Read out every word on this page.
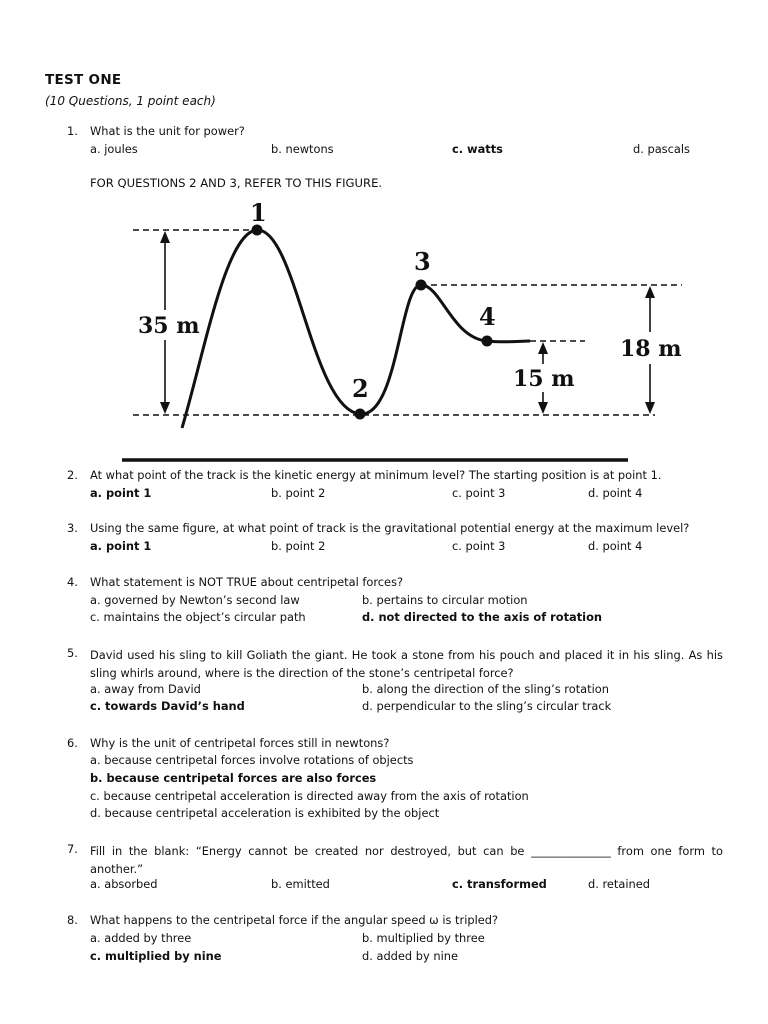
TEST ONE
(10 Questions, 1 point each)
1. What is the unit for power?
a. joules	b. newtons	c. watts	d. pascals
FOR QUESTIONS 2 AND 3, REFER TO THIS FIGURE.
1
2
3
4
35 m
18 m
15 m
2. At what point of the track is the kinetic energy at minimum level? The starting position is at point 1.
a. point 1	b. point 2	c. point 3	d. point 4
3. Using the same figure, at what point of track is the gravitational potential energy at the maximum level?
a. point 1	b. point 2	c. point 3	d. point 4
4. What statement is NOT TRUE about centripetal forces?
a. governed by Newton’s second law	b. pertains to circular motion
c. maintains the object’s circular path	d. not directed to the axis of rotation
5. David used his sling to kill Goliath the giant. He took a stone from his pouch and placed it in his sling. As his sling whirls around, where is the direction of the stone’s centripetal force?
a. away from David	b. along the direction of the sling’s rotation
c. towards David’s hand	d. perpendicular to the sling’s circular track
6. Why is the unit of centripetal forces still in newtons?
a. because centripetal forces involve rotations of objects
b. because centripetal forces are also forces
c. because centripetal acceleration is directed away from the axis of rotation
d. because centripetal acceleration is exhibited by the object
7. Fill in the blank: “Energy cannot be created nor destroyed, but can be ______________ from one form to another.”
a. absorbed	b. emitted	c. transformed	d. retained
8. What happens to the centripetal force if the angular speed ω is tripled?
a. added by three	b. multiplied by three
c. multiplied by nine	d. added by nine
